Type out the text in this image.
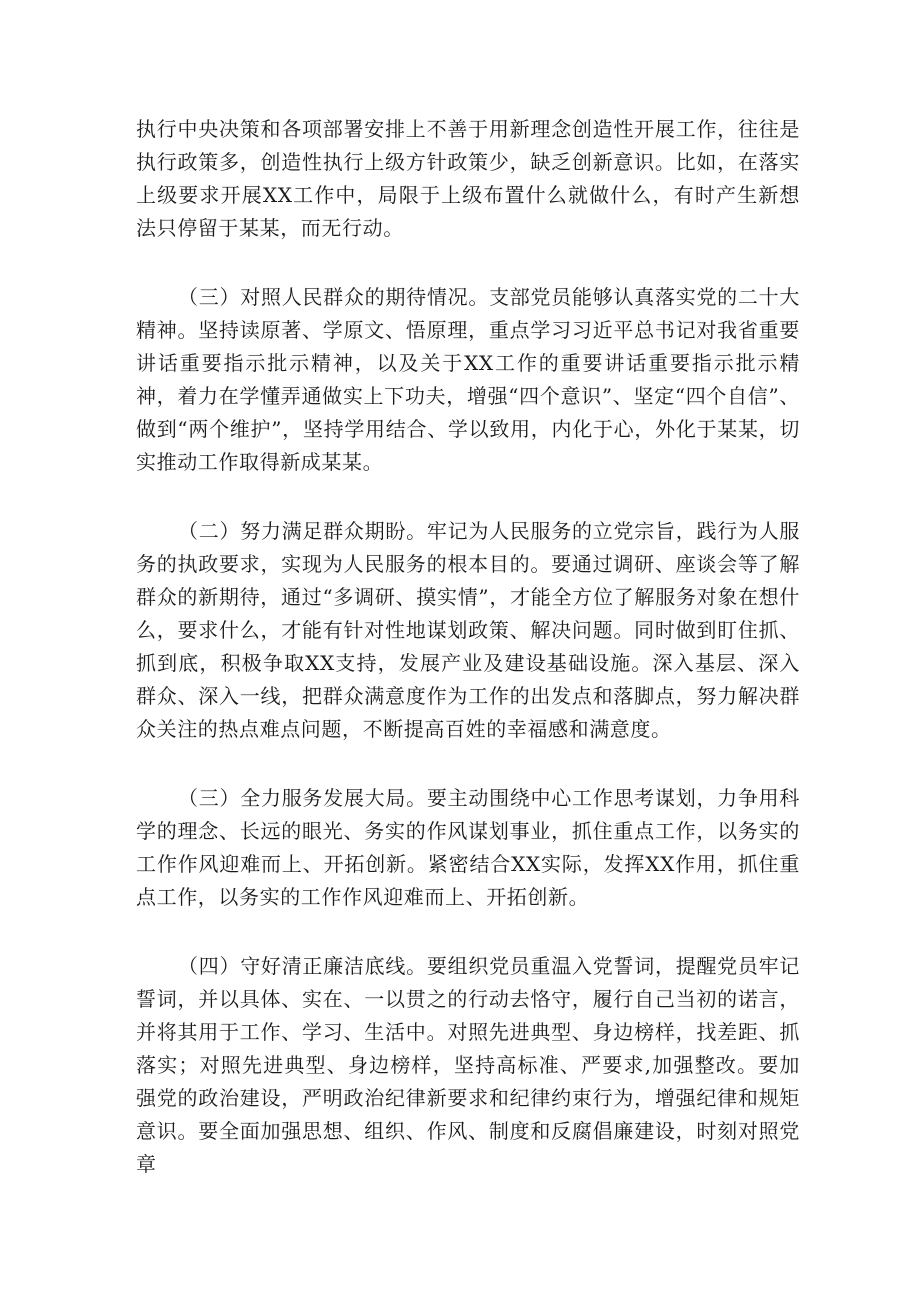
执行中央决策和各项部署安排上不善于用新理念创造性开展工作，往往是执行政策多，创造性执行上级方针政策少，缺乏创新意识。比如，在落实上级要求开展XX工作中，局限于上级布置什么就做什么，有时产生新想法只停留于某某，而无行动。

（三）对照人民群众的期待情况。支部党员能够认真落实党的二十大精神。坚持读原著、学原文、悟原理，重点学习习近平总书记对我省重要讲话重要指示批示精神，以及关于XX工作的重要讲话重要指示批示精神，着力在学懂弄通做实上下功夫，增强“四个意识”、坚定“四个自信”、做到“两个维护”，坚持学用结合、学以致用，内化于心，外化于某某，切实推动工作取得新成某某。

（二）努力满足群众期盼。牢记为人民服务的立党宗旨，践行为人服务的执政要求，实现为人民服务的根本目的。要通过调研、座谈会等了解群众的新期待，通过“多调研、摸实情”，才能全方位了解服务对象在想什么，要求什么，才能有针对性地谋划政策、解决问题。同时做到盯住抓、抓到底，积极争取XX支持，发展产业及建设基础设施。深入基层、深入群众、深入一线，把群众满意度作为工作的出发点和落脚点，努力解决群众关注的热点难点问题，不断提高百姓的幸福感和满意度。

（三）全力服务发展大局。要主动围绕中心工作思考谋划，力争用科学的理念、长远的眼光、务实的作风谋划事业，抓住重点工作，以务实的工作作风迎难而上、开拓创新。紧密结合XX实际，发挥XX作用，抓住重点工作，以务实的工作作风迎难而上、开拓创新。

（四）守好清正廉洁底线。要组织党员重温入党誓词，提醒党员牢记誓词，并以具体、实在、一以贯之的行动去恪守，履行自己当初的诺言，并将其用于工作、学习、生活中。对照先进典型、身边榜样，找差距、抓落实；对照先进典型、身边榜样，坚持高标准、严要求,加强整改。要加强党的政治建设，严明政治纪律新要求和纪律约束行为，增强纪律和规矩意识。要全面加强思想、组织、作风、制度和反腐倡廉建设，时刻对照党章
